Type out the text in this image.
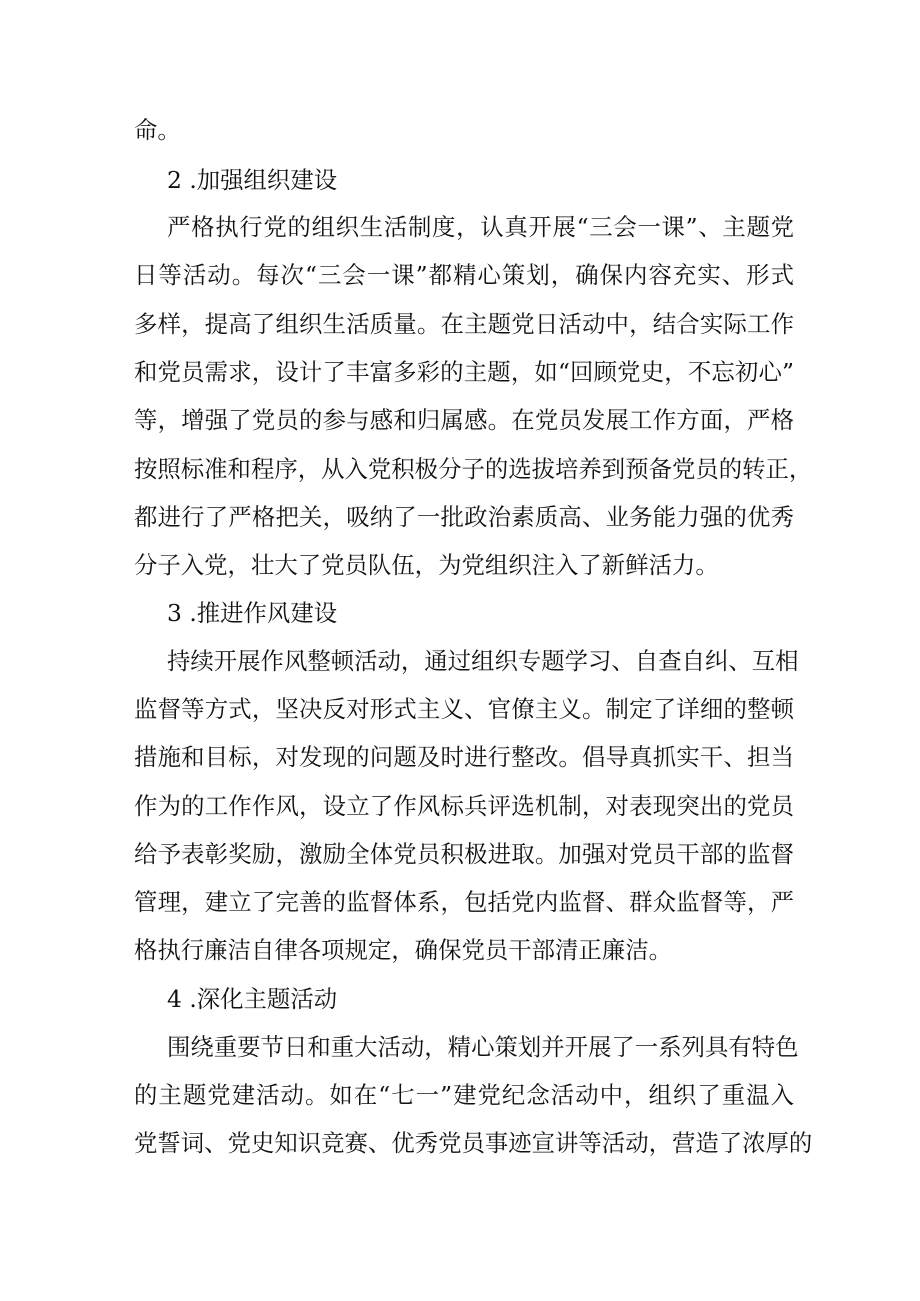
命。
2 .加强组织建设
严格执行党的组织生活制度，认真开展“三会一课”、主题党
日等活动。每次“三会一课”都精心策划，确保内容充实、形式
多样，提高了组织生活质量。在主题党日活动中，结合实际工作
和党员需求，设计了丰富多彩的主题，如“回顾党史，不忘初心”
等，增强了党员的参与感和归属感。在党员发展工作方面，严格
按照标准和程序，从入党积极分子的选拔培养到预备党员的转正，
都进行了严格把关，吸纳了一批政治素质高、业务能力强的优秀
分子入党，壮大了党员队伍，为党组织注入了新鲜活力。
3 .推进作风建设
持续开展作风整顿活动，通过组织专题学习、自查自纠、互相
监督等方式，坚决反对形式主义、官僚主义。制定了详细的整顿
措施和目标，对发现的问题及时进行整改。倡导真抓实干、担当
作为的工作作风，设立了作风标兵评选机制，对表现突出的党员
给予表彰奖励，激励全体党员积极进取。加强对党员干部的监督
管理，建立了完善的监督体系，包括党内监督、群众监督等，严
格执行廉洁自律各项规定，确保党员干部清正廉洁。
4 .深化主题活动
围绕重要节日和重大活动，精心策划并开展了一系列具有特色
的主题党建活动。如在“七一”建党纪念活动中，组织了重温入
党誓词、党史知识竞赛、优秀党员事迹宣讲等活动，营造了浓厚的
